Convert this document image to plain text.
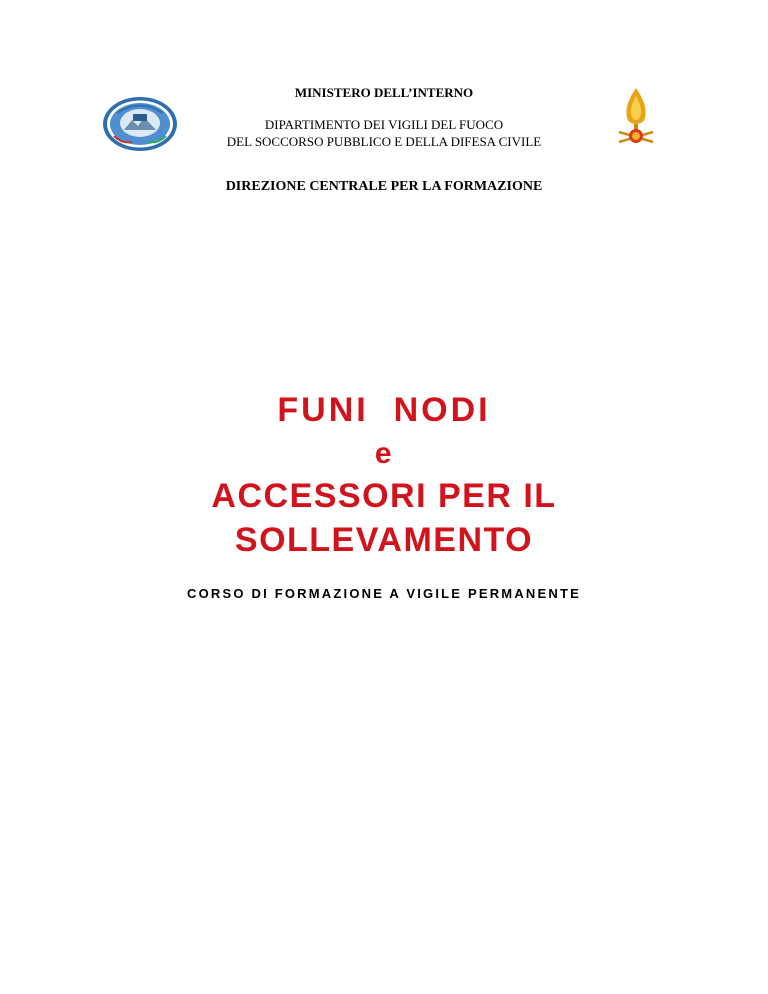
MINISTERO DELL’INTERNO
DIPARTIMENTO DEI VIGILI DEL FUOCO
DEL SOCCORSO PUBBLICO E DELLA DIFESA CIVILE
DIREZIONE CENTRALE PER LA FORMAZIONE
FUNI  NODI
e
ACCESSORI PER IL
SOLLEVAMENTO
CORSO DI FORMAZIONE A VIGILE PERMANENTE
